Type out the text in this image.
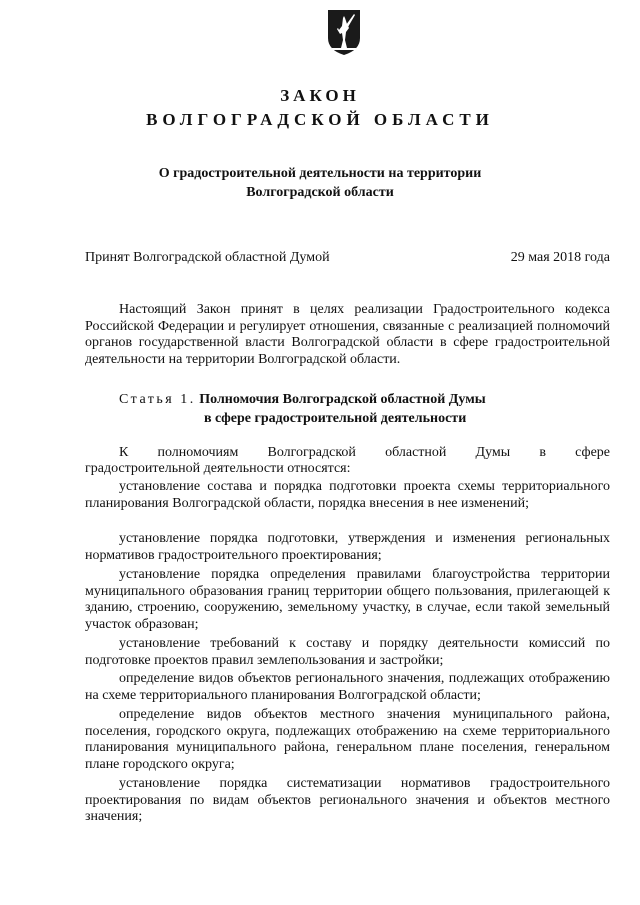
ЗАКОН
ВОЛГОГРАДСКОЙ ОБЛАСТИ
О градостроительной деятельности на территории
Волгоградской области
Принят Волгоградской областной Думой	29 мая 2018 года
Настоящий Закон принят в целях реализации Градостроительного кодекса Российской Федерации и регулирует отношения, связанные с реализацией полномочий органов государственной власти Волгоградской области в сфере градостроительной деятельности на территории Волгоградской области.
Статья 1. Полномочия Волгоградской областной Думы
в сфере градостроительной деятельности
К полномочиям Волгоградской областной Думы в сфере
градостроительной деятельности относятся:
установление состава и порядка подготовки проекта схемы территориального планирования Волгоградской области, порядка внесения в нее изменений;
установление порядка подготовки, утверждения и изменения региональных нормативов градостроительного проектирования;
установление порядка определения правилами благоустройства территории муниципального образования границ территории общего пользования, прилегающей к зданию, строению, сооружению, земельному участку, в случае, если такой земельный участок образован;
установление требований к составу и порядку деятельности комиссий по подготовке проектов правил землепользования и застройки;
определение видов объектов регионального значения, подлежащих отображению на схеме территориального планирования Волгоградской области;
определение видов объектов местного значения муниципального района, поселения, городского округа, подлежащих отображению на схеме территориального планирования муниципального района, генеральном плане поселения, генеральном плане городского округа;
установление порядка систематизации нормативов градостроительного проектирования по видам объектов регионального значения и объектов местного значения;
